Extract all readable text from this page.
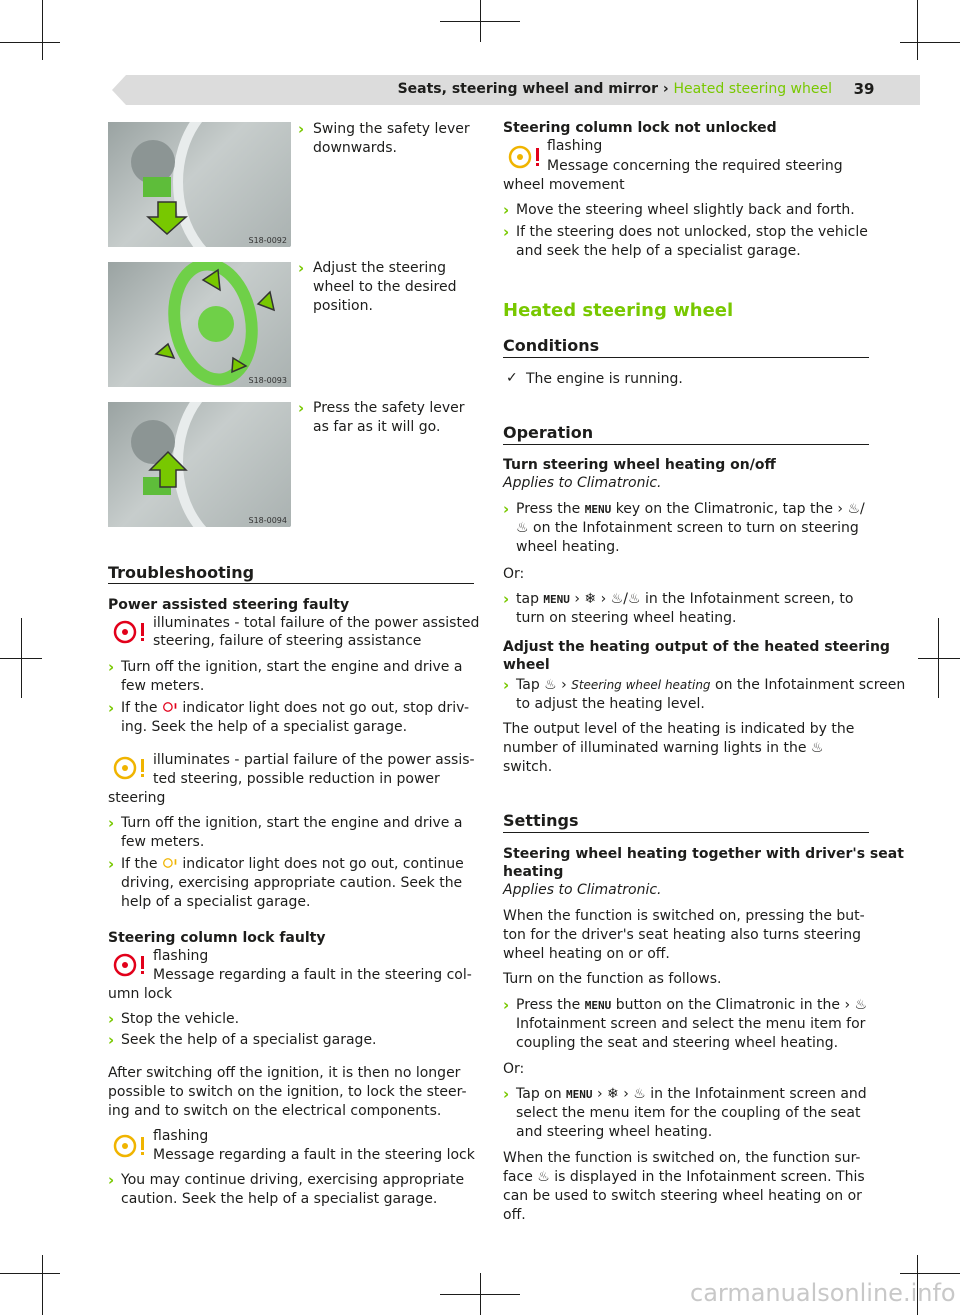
Seats, steering wheel and mirror › Heated steering wheel	39
S18-0092
S18-0093
S18-0094
› Swing the safety lever downwards.
› Adjust the steering wheel to the desired position.
› Press the safety lever as far as it will go.
Troubleshooting
Power assisted steering faulty
illuminates - total failure of the power assisted
steering, failure of steering assistance
› Turn off the ignition, start the engine and drive a
few meters.
› If the indicator light does not go out, stop driv-
ing. Seek the help of a specialist garage.
illuminates - partial failure of the power assis-
ted steering, possible reduction in power
steering
› Turn off the ignition, start the engine and drive a
few meters.
› If the indicator light does not go out, continue
driving, exercising appropriate caution. Seek the
help of a specialist garage.
Steering column lock faulty
flashing
Message regarding a fault in the steering col-
umn lock
› Stop the vehicle.
› Seek the help of a specialist garage.
After switching off the ignition, it is then no longer
possible to switch on the ignition, to lock the steer-
ing and to switch on the electrical components.
flashing
Message regarding a fault in the steering lock
› You may continue driving, exercising appropriate
caution. Seek the help of a specialist garage.
Steering column lock not unlocked
flashing
Message concerning the required steering
wheel movement
› Move the steering wheel slightly back and forth.
› If the steering does not unlocked, stop the vehicle
and seek the help of a specialist garage.
Heated steering wheel
Conditions
✓ The engine is running.
Operation
Turn steering wheel heating on/off
Applies to Climatronic.
› Press the MENU key on the Climatronic, tap the › ♨/
♨ on the Infotainment screen to turn on steering
wheel heating.
Or:
› tap MENU › ❄ › ♨/♨ in the Infotainment screen, to
turn on steering wheel heating.
Adjust the heating output of the heated steering
wheel
› Tap ♨ › Steering wheel heating on the Infotainment screen
to adjust the heating level.
The output level of the heating is indicated by the
number of illuminated warning lights in the ♨
switch.
Settings
Steering wheel heating together with driver's seat
heating
Applies to Climatronic.
When the function is switched on, pressing the but-
ton for the driver's seat heating also turns steering
wheel heating on or off.
Turn on the function as follows.
› Press the MENU button on the Climatronic in the › ♨
Infotainment screen and select the menu item for
coupling the seat and steering wheel heating.
Or:
› Tap on MENU › ❄ › ♨ in the Infotainment screen and
select the menu item for the coupling of the seat
and steering wheel heating.
When the function is switched on, the function sur-
face ♨ is displayed in the Infotainment screen. This
can be used to switch steering wheel heating on or
off.
carmanualsonline.info
